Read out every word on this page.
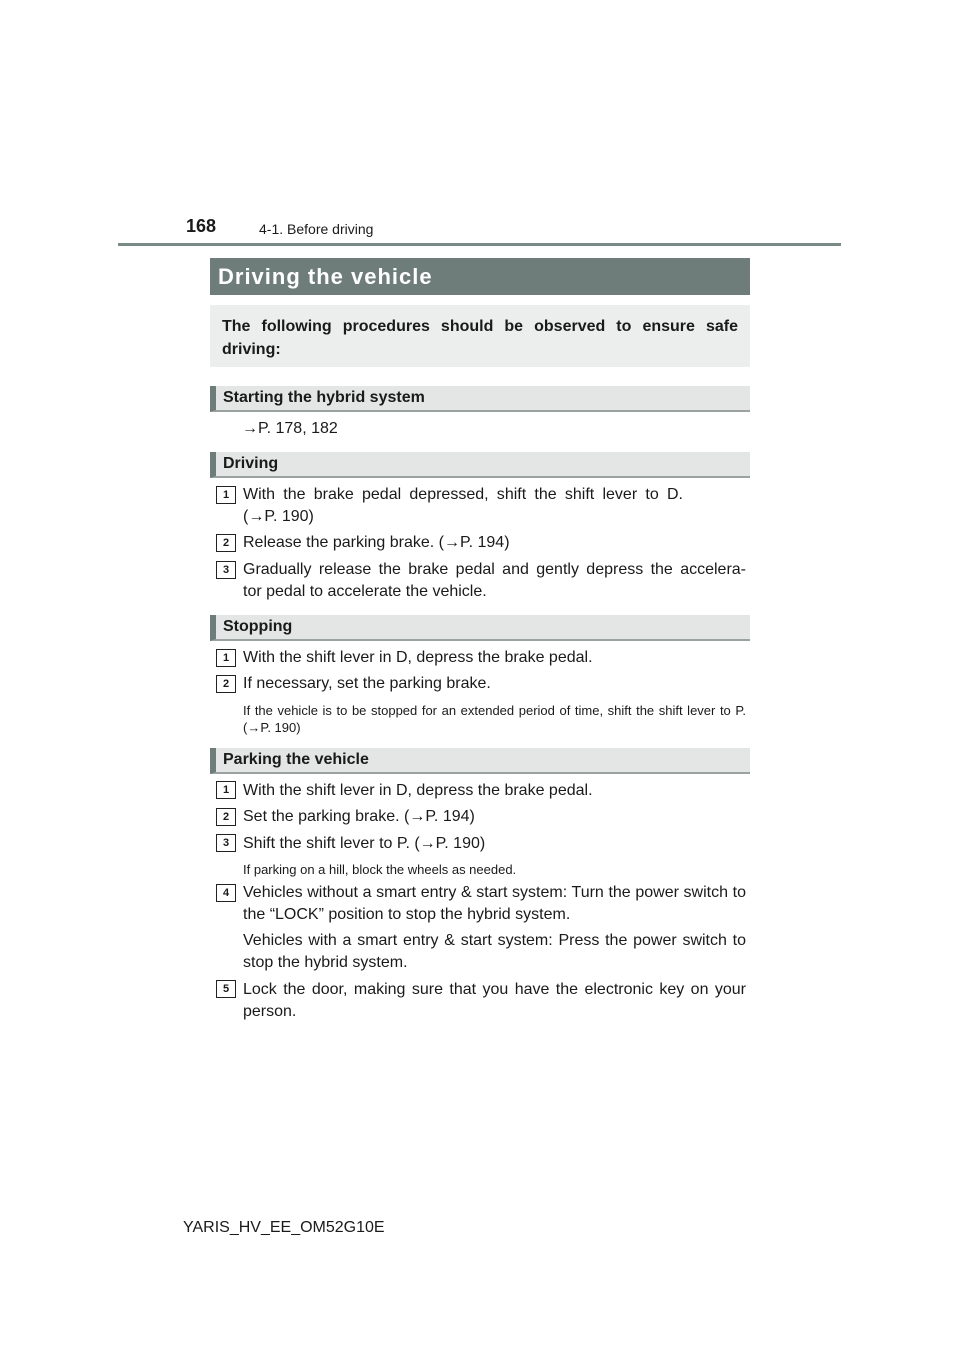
168	4-1. Before driving
Driving the vehicle
The following procedures should be observed to ensure safe driving:
Starting the hybrid system
→P. 178, 182
Driving
1 With the brake pedal depressed, shift the shift lever to D. (→P. 190)
2 Release the parking brake. (→P. 194)
3 Gradually release the brake pedal and gently depress the accelera-
tor pedal to accelerate the vehicle.
Stopping
1 With the shift lever in D, depress the brake pedal.
2 If necessary, set the parking brake.
If the vehicle is to be stopped for an extended period of time, shift the shift lever to P. (→P. 190)
Parking the vehicle
1 With the shift lever in D, depress the brake pedal.
2 Set the parking brake. (→P. 194)
3 Shift the shift lever to P. (→P. 190)
If parking on a hill, block the wheels as needed.
4 Vehicles without a smart entry & start system: Turn the power switch to the “LOCK” position to stop the hybrid system.
Vehicles with a smart entry & start system: Press the power switch to stop the hybrid system.
5 Lock the door, making sure that you have the electronic key on your person.
YARIS_HV_EE_OM52G10E
